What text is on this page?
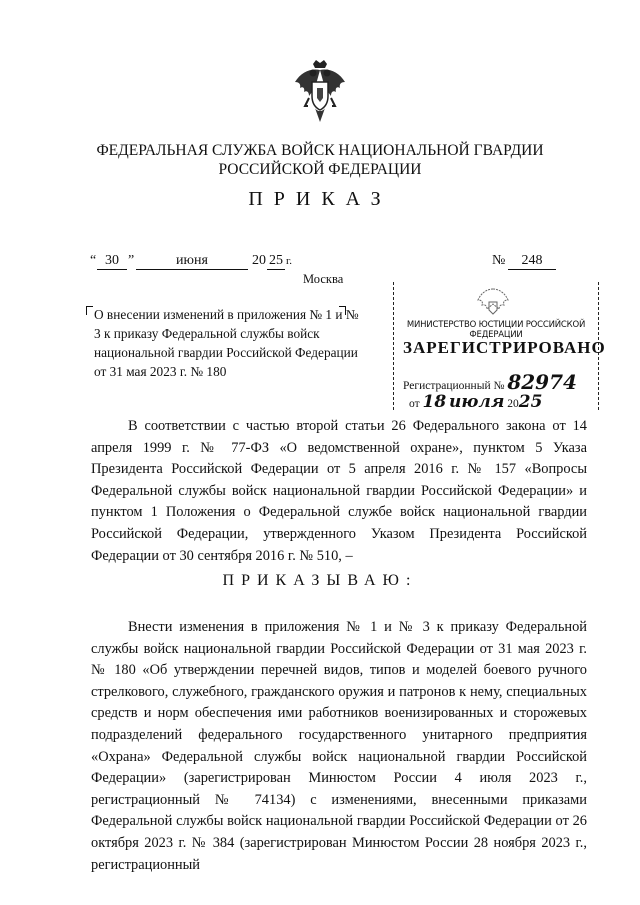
ФЕДЕРАЛЬНАЯ СЛУЖБА ВОЙСК НАЦИОНАЛЬНОЙ ГВАРДИИ
РОССИЙСКОЙ ФЕДЕРАЦИИ
ПРИКАЗ
“ 30 ”	июня	20 25 г.	№	248
Москва
О внесении изменений в приложения № 1 и № 3 к приказу Федеральной службы войск национальной гвардии Российской Федерации от 31 мая 2023 г. № 180
МИНИСТЕРСТВО ЮСТИЦИИ РОССИЙСКОЙ ФЕДЕРАЦИИ
ЗАРЕГИСТРИРОВАНО
Регистрационный № 82974
от 18 июля 2025
В соответствии с частью второй статьи 26 Федерального закона от 14 апреля 1999 г. № 77-ФЗ «О ведомственной охране», пунктом 5 Указа Президента Российской Федерации от 5 апреля 2016 г. № 157 «Вопросы Федеральной службы войск национальной гвардии Российской Федерации» и пунктом 1 Положения о Федеральной службе войск национальной гвардии Российской Федерации, утвержденного Указом Президента Российской Федерации от 30 сентября 2016 г. № 510, –
ПРИКАЗЫВАЮ:
Внести изменения в приложения № 1 и № 3 к приказу Федеральной службы войск национальной гвардии Российской Федерации от 31 мая 2023 г. № 180 «Об утверждении перечней видов, типов и моделей боевого ручного стрелкового, служебного, гражданского оружия и патронов к нему, специальных средств и норм обеспечения ими работников военизированных и сторожевых подразделений федерального государственного унитарного предприятия «Охрана» Федеральной службы войск национальной гвардии Российской Федерации» (зарегистрирован Минюстом России 4 июля 2023 г., регистрационный № 74134) с изменениями, внесенными приказами Федеральной службы войск национальной гвардии Российской Федерации от 26 октября 2023 г. № 384 (зарегистрирован Минюстом России 28 ноября 2023 г., регистрационный
